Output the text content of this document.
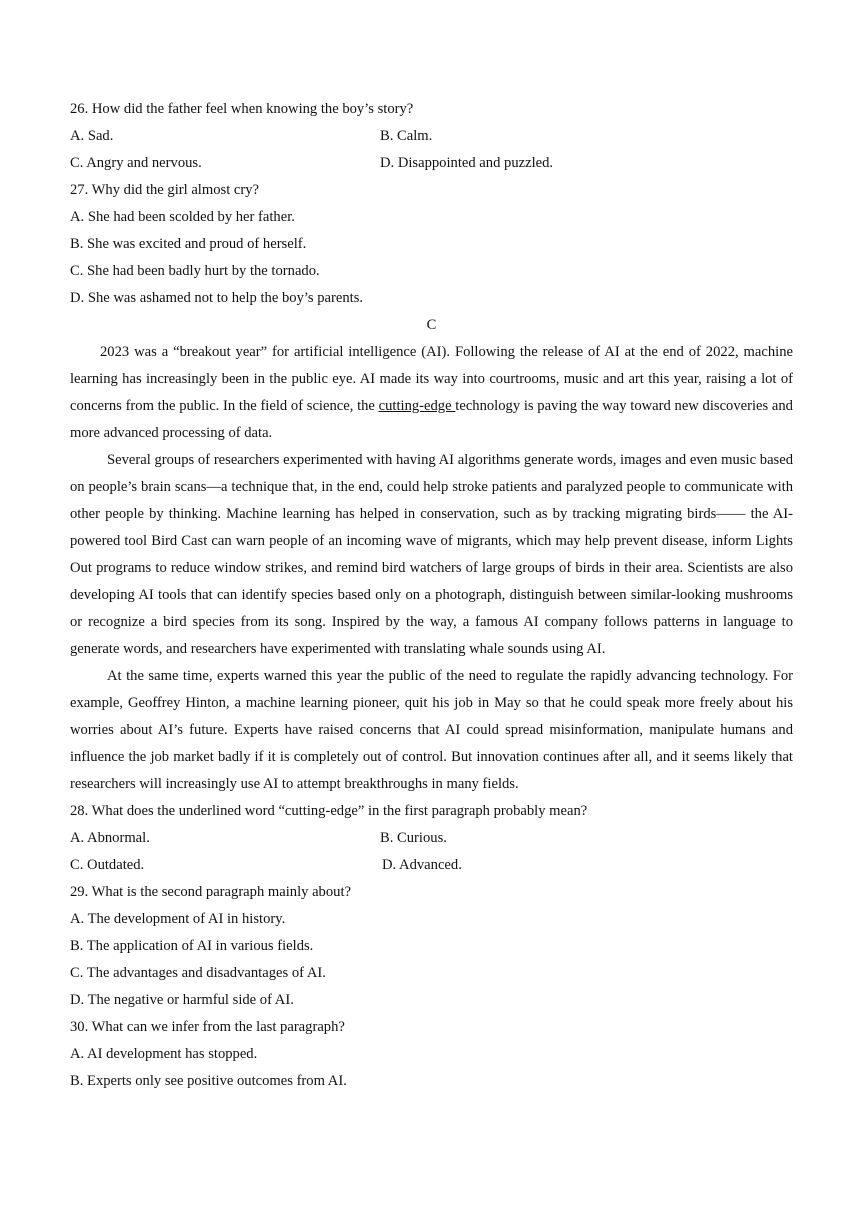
26. How did the father feel when knowing the boy’s story?
A. Sad.	B. Calm.
C. Angry and nervous.	D. Disappointed and puzzled.
27. Why did the girl almost cry?
A. She had been scolded by her father.
B. She was excited and proud of herself.
C. She had been badly hurt by the tornado.
D. She was ashamed not to help the boy’s parents.
C

2023 was a “breakout year” for artificial intelligence (AI). Following the release of AI at the end of 2022, machine learning has increasingly been in the public eye. AI made its way into courtrooms, music and art this year, raising a lot of concerns from the public. In the field of science, the cutting-edge technology is paving the way toward new discoveries and more advanced processing of data.

Several groups of researchers experimented with having AI algorithms generate words, images and even music based on people’s brain scans—a technique that, in the end, could help stroke patients and paralyzed people to communicate with other people by thinking. Machine learning has helped in conservation, such as by tracking migrating birds—— the AI-powered tool Bird Cast can warn people of an incoming wave of migrants, which may help prevent disease, inform Lights Out programs to reduce window strikes, and remind bird watchers of large groups of birds in their area. Scientists are also developing AI tools that can identify species based only on a photograph, distinguish between similar-looking mushrooms or recognize a bird species from its song. Inspired by the way, a famous AI company follows patterns in language to generate words, and researchers have experimented with translating whale sounds using AI.

At the same time, experts warned this year the public of the need to regulate the rapidly advancing technology. For example, Geoffrey Hinton, a machine learning pioneer, quit his job in May so that he could speak more freely about his worries about AI’s future. Experts have raised concerns that AI could spread misinformation, manipulate humans and influence the job market badly if it is completely out of control. But innovation continues after all, and it seems likely that researchers will increasingly use AI to attempt breakthroughs in many fields.

28. What does the underlined word “cutting-edge” in the first paragraph probably mean?
A. Abnormal.	B. Curious.
C. Outdated.	D. Advanced.
29. What is the second paragraph mainly about?
A. The development of AI in history.
B. The application of AI in various fields.
C. The advantages and disadvantages of AI.
D. The negative or harmful side of AI.
30. What can we infer from the last paragraph?
A. AI development has stopped.
B. Experts only see positive outcomes from AI.
